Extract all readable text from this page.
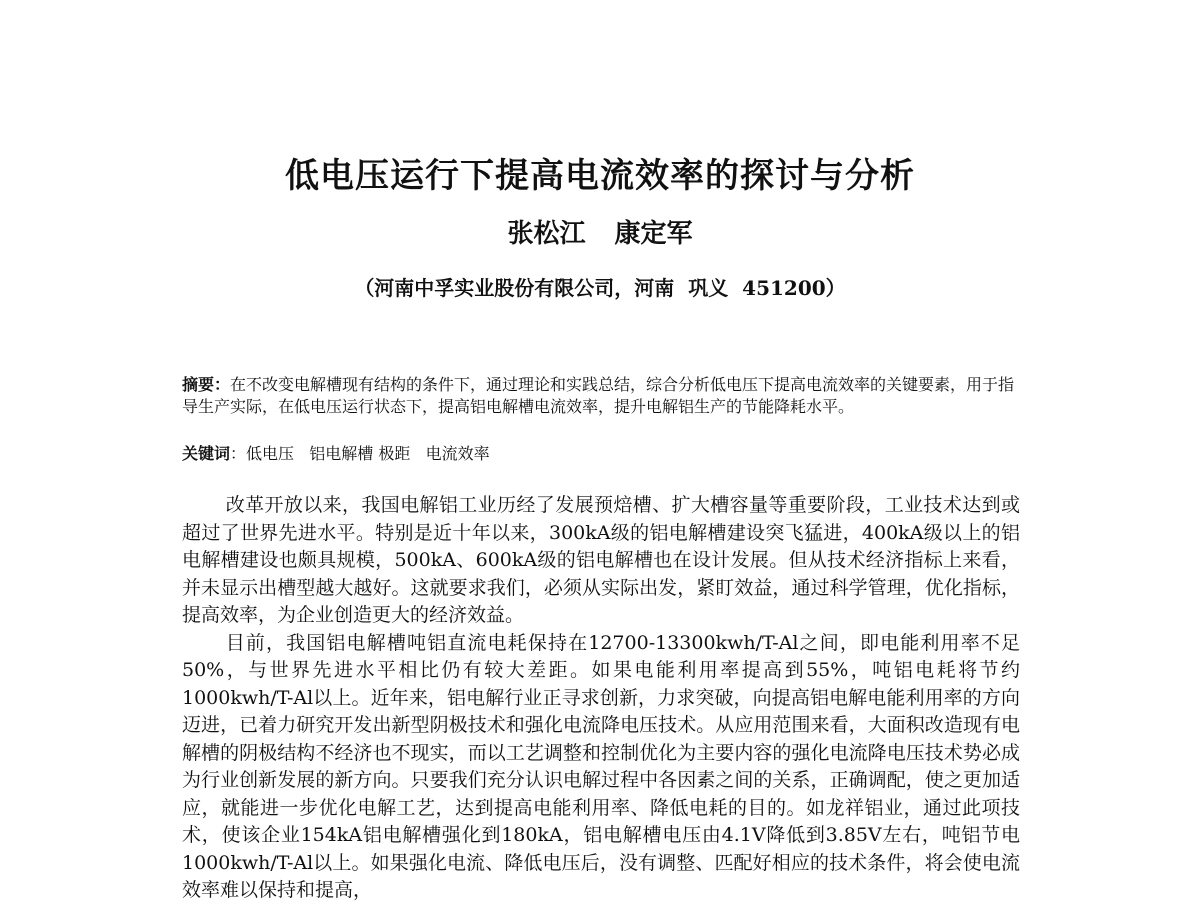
低电压运行下提高电流效率的探讨与分析
张松江 康定军
（河南中孚实业股份有限公司，河南  巩义  451200）
摘要：在不改变电解槽现有结构的条件下，通过理论和实践总结，综合分析低电压下提高电流效率的关键要素，用于指导生产实际，在低电压运行状态下，提高铝电解槽电流效率，提升电解铝生产的节能降耗水平。
关键词：低电压   铝电解槽 极距   电流效率

改革开放以来，我国电解铝工业历经了发展预焙槽、扩大槽容量等重要阶段，工业技术达到或超过了世界先进水平。特别是近十年以来，300kA级的铝电解槽建设突飞猛进，400kA级以上的铝电解槽建设也颇具规模，500kA、600kA级的铝电解槽也在设计发展。但从技术经济指标上来看，并未显示出槽型越大越好。这就要求我们，必须从实际出发，紧盯效益，通过科学管理，优化指标，提高效率，为企业创造更大的经济效益。

目前，我国铝电解槽吨铝直流电耗保持在12700-13300kwh/T-Al之间，即电能利用率不足50%，与世界先进水平相比仍有较大差距。如果电能利用率提高到55%，吨铝电耗将节约1000kwh/T-Al以上。近年来，铝电解行业正寻求创新，力求突破，向提高铝电解电能利用率的方向迈进，已着力研究开发出新型阴极技术和强化电流降电压技术。从应用范围来看，大面积改造现有电解槽的阴极结构不经济也不现实，而以工艺调整和控制优化为主要内容的强化电流降电压技术势必成为行业创新发展的新方向。只要我们充分认识电解过程中各因素之间的关系，正确调配，使之更加适应，就能进一步优化电解工艺，达到提高电能利用率、降低电耗的目的。如龙祥铝业，通过此项技术，使该企业154kA铝电解槽强化到180kA，铝电解槽电压由4.1V降低到3.85V左右，吨铝节电1000kwh/T-Al以上。如果强化电流、降低电压后，没有调整、匹配好相应的技术条件，将会使电流效率难以保持和提高，
